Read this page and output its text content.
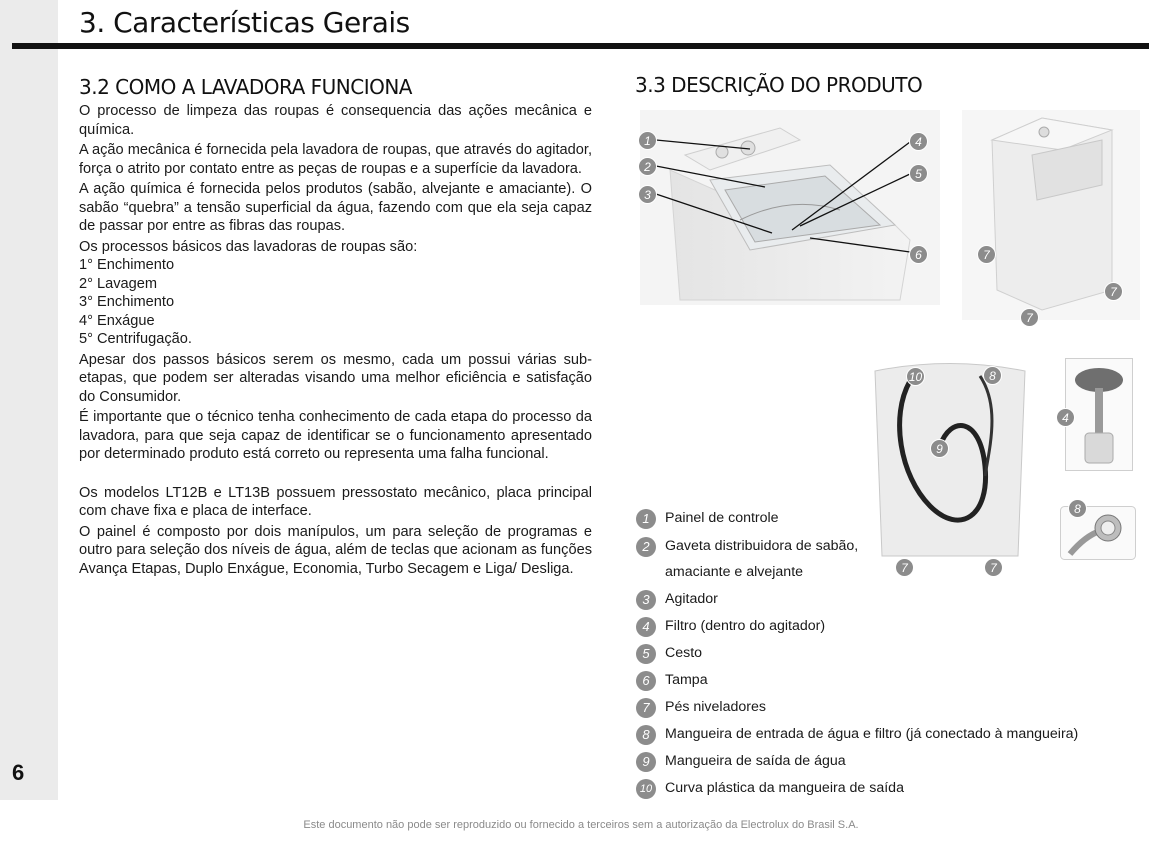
6
3. Características Gerais
3.2 COMO A LAVADORA FUNCIONA

O processo de limpeza das roupas é consequencia das ações mecânica e química.

A ação mecânica é fornecida pela lavadora de roupas, que através do agitador, força o atrito por contato entre as peças de roupas e a superfície da lavadora.

A ação química é fornecida pelos produtos (sabão, alvejante e amaciante). O sabão “quebra” a tensão superficial da água, fazendo com que ela seja capaz de passar por entre as fibras das roupas.

Os processos básicos das lavadoras de roupas são:

1° Enchimento
2° Lavagem
3° Enchimento
4° Enxágue
5° Centrifugação.

Apesar dos passos básicos serem os mesmo, cada um possui várias sub-etapas, que podem ser alteradas visando uma melhor eficiência e satisfação do Consumidor.

É importante que o técnico tenha conhecimento de cada etapa do processo da lavadora, para que seja capaz de identificar se o funcionamento apresentado por determinado produto está correto ou representa uma falha funcional.

Os modelos LT12B e LT13B possuem pressostato mecânico, placa principal com chave fixa e placa de interface.

O painel é composto por dois manípulos, um para seleção de programas e outro para seleção dos níveis de água, além de teclas que acionam as funções Avança Etapas, Duplo Enxágue, Economia, Turbo Secagem e Liga/ Desliga.

3.3 DESCRIÇÃO DO PRODUTO
1
2
3
4
5
6	7
7
7
10	8
9
7	7
4
8
1	Painel de controle
2	Gaveta distribuidora de sabão,
amaciante e alvejante
3	Agitador
4	Filtro (dentro do agitador)
5	Cesto
6	Tampa
7	Pés niveladores
8	Mangueira de entrada de água e filtro (já conectado à mangueira)
9	Mangueira de saída de água
10 Curva plástica da mangueira de saída
Este documento não pode ser reproduzido ou fornecido a terceiros sem a autorização da Electrolux do Brasil S.A.
